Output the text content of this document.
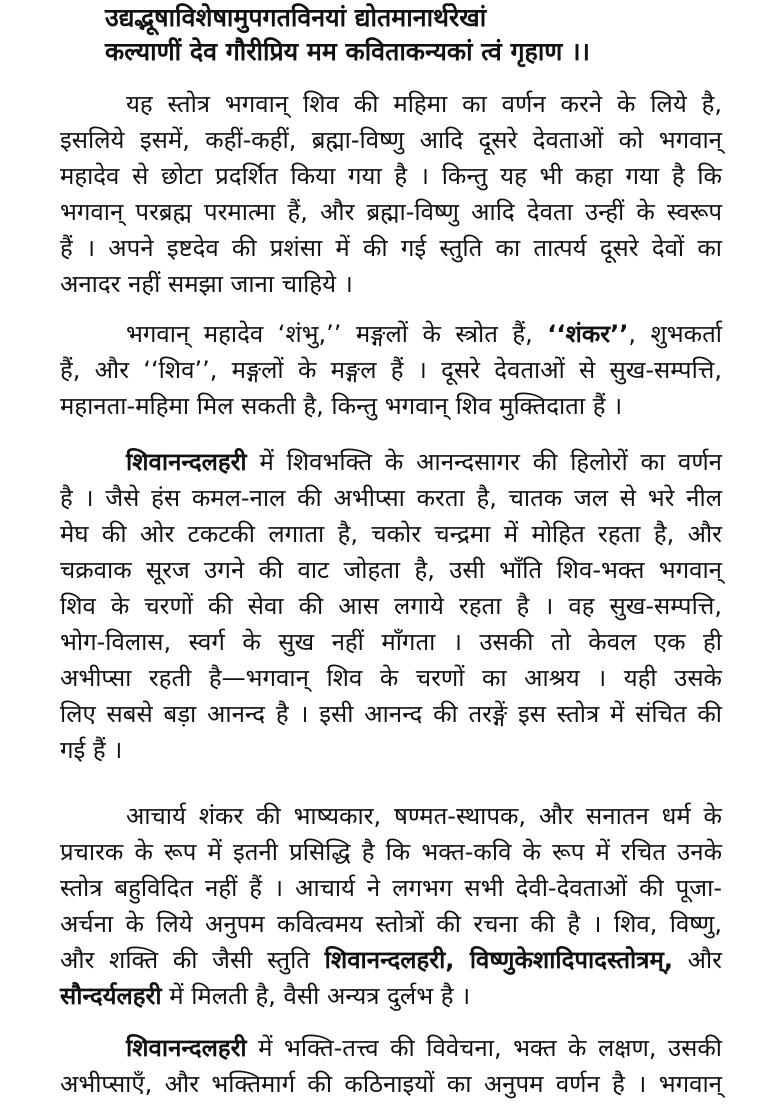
उद्यद्भूषाविशेषामुपगतविनयां द्योतमानार्थरेखां
कल्याणीं देव गौरीप्रिय मम कविताकन्यकां त्वं गृहाण ।।
यह स्तोत्र भगवान् शिव की महिमा का वर्णन करने के लिये है,
इसलिये इसमें, कहीं-कहीं, ब्रह्मा-विष्णु आदि दूसरे देवताओं को भगवान्
महादेव से छोटा प्रदर्शित किया गया है । किन्तु यह भी कहा गया है कि
भगवान् परब्रह्म परमात्मा हैं, और ब्रह्मा-विष्णु आदि देवता उन्हीं के स्वरूप
हैं । अपने इष्टदेव की प्रशंसा में की गई स्तुति का तात्पर्य दूसरे देवों का
अनादर नहीं समझा जाना चाहिये ।
भगवान् महादेव ‘शंभु,’’ मङ्गलों के स्त्रोत हैं, ‘‘शंकर’’, शुभकर्ता
हैं, और ‘‘शिव’’, मङ्गलों के मङ्गल हैं । दूसरे देवताओं से सुख-सम्पत्ति,
महानता-महिमा मिल सकती है, किन्तु भगवान् शिव मुक्तिदाता हैं ।
शिवानन्दलहरी में शिवभक्ति के आनन्दसागर की हिलोरों का वर्णन
है । जैसे हंस कमल-नाल की अभीप्सा करता है, चातक जल से भरे नील
मेघ की ओर टकटकी लगाता है, चकोर चन्द्रमा में मोहित रहता है, और
चक्रवाक सूरज उगने की वाट जोहता है, उसी भाँति शिव-भक्त भगवान्
शिव के चरणों की सेवा की आस लगाये रहता है । वह सुख-सम्पत्ति,
भोग-विलास, स्वर्ग के सुख नहीं माँगता । उसकी तो केवल एक ही
अभीप्सा रहती है—भगवान् शिव के चरणों का आश्रय । यही उसके
लिए सबसे बड़ा आनन्द है । इसी आनन्द की तरङ्गें इस स्तोत्र में संचित की
गई हैं ।
आचार्य शंकर की भाष्यकार, षण्मत-स्थापक, और सनातन धर्म के
प्रचारक के रूप में इतनी प्रसिद्धि है कि भक्त-कवि के रूप में रचित उनके
स्तोत्र बहुविदित नहीं हैं । आचार्य ने लगभग सभी देवी-देवताओं की पूजा-
अर्चना के लिये अनुपम कवित्वमय स्तोत्रों की रचना की है । शिव, विष्णु,
और शक्ति की जैसी स्तुति शिवानन्दलहरी, विष्णुकेशादिपादस्तोत्रम्, और
सौन्दर्यलहरी में मिलती है, वैसी अन्यत्र दुर्लभ है ।
शिवानन्दलहरी में भक्ति-तत्त्व की विवेचना, भक्त के लक्षण, उसकी
अभीप्साएँ, और भक्तिमार्ग की कठिनाइयों का अनुपम वर्णन है । भगवान्
